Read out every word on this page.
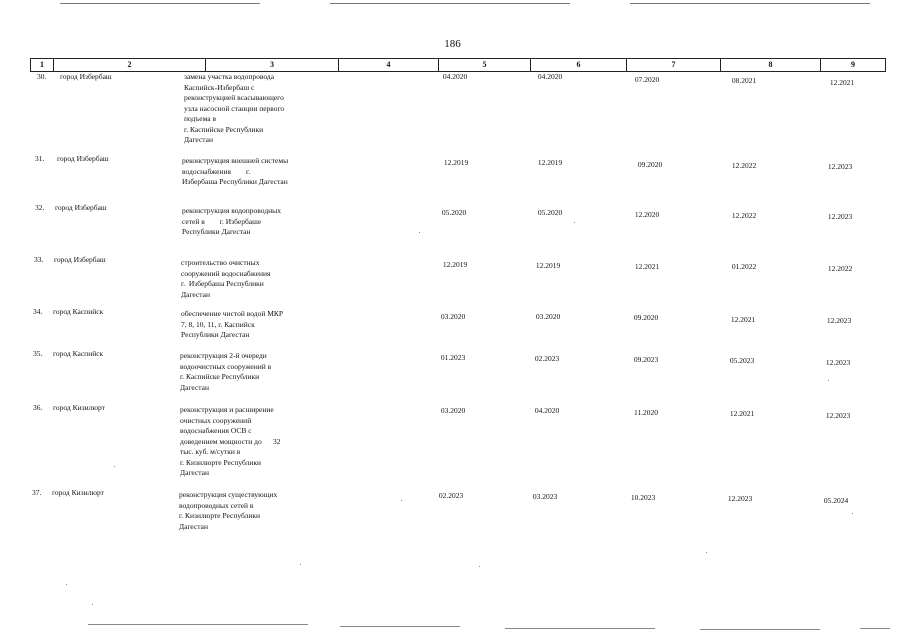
186
1	2	3	4	5	6	7	8	9
30.	город Избербаш	замена участка водопровода
Каспийск-Избербаш с
реконструкцией всасывающего
узла насосной станции первого
подъема в
г. Каспийске Республики
Дагестан
04.2020	04.2020	07.2020	08.2021	12.2021
31.	город Избербаш	реконструкция внешней системы
водоснабжения        г.
Избербаша Республики Дагестан
12.2019	12.2019	09.2020	12.2022	12.2023
32.	город Избербаш	реконструкция водопроводных
сетей в        г. Избербаше
Республики Дагестан
05.2020	05.2020	12.2020	12.2022	12.2023
33.	город Избербаш	строительство очистных
сооружений водоснабжения
г.  Избербаша Республики
Дагестан
12.2019	12.2019	12.2021	01.2022	12.2022
34.	город Каспийск	обеспечение чистой водой МКР
7, 8, 10, 11, г. Каспийск
Республики Дагестан
03.2020	03.2020	09.2020	12.2021	12.2023
35.	город Каспийск	реконструкция 2-й очереди
водоочистных сооружений в
г. Каспийске Республики
Дагестан
01.2023	02.2023	09.2023	05.2023	12.2023
36.	город Кизилюрт	реконструкция и расширение
очистных сооружений
водоснабжения ОСВ с
доведением мощности до      32
тыс. куб. м/сутки в
г. Кизилюрте Республики
Дагестан
03.2020	04.2020	11.2020	12.2021	12.2023
37.	город Кизилюрт	реконструкция существующих
водопроводных сетей в
г. Кизилюрте Республики
Дагестан
02.2023	03.2023	10.2023	12.2023	05.2024
